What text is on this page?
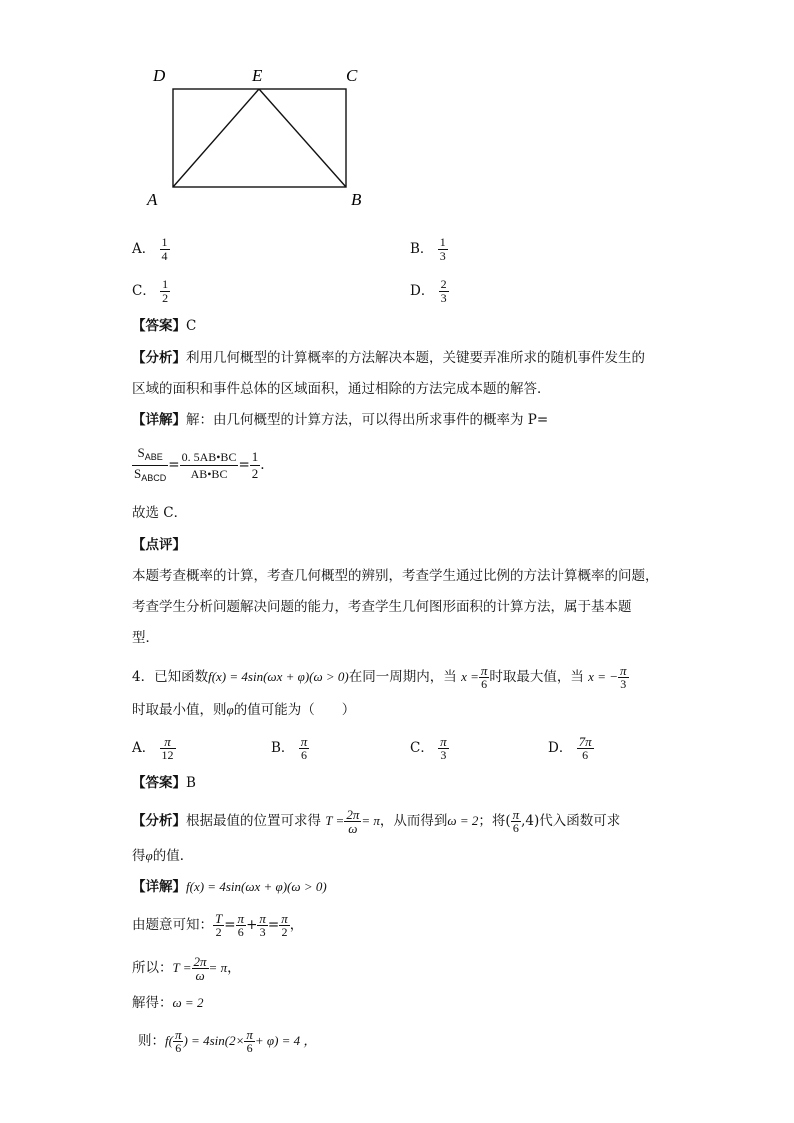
D	E	C
A	B
A． $\frac{1}{4}$	B． $\frac{1}{3}$
C． $\frac{1}{2}$	D． $\frac{2}{3}$
【答案】C
【分析】利用几何概型的计算概率的方法解决本题，关键要弄准所求的随机事件发生的
区域的面积和事件总体的区域面积，通过相除的方法完成本题的解答．
【详解】解：由几何概型的计算方法，可以得出所求事件的概率为 P=
$\frac{S_{ABE}}{S_{ABCD}} = \frac{0. 5AB•BC}{AB•BC} = \frac{1}{2}$ .
故选 C．
【点评】
本题考查概率的计算，考查几何概型的辨别，考查学生通过比例的方法计算概率的问题，
考查学生分析问题解决问题的能力，考查学生几何图形面积的计算方法，属于基本题
型．
4．已知函数f(x) = 4sin(ωx + φ)(ω > 0)在同一周期内，当 $x = \frac{\pi}{6}$ 时取最大值，当 x = − $\frac{\pi}{3}$
时取最小值，则φ的值可能为（　　）
A． $\frac{\pi}{12}$	B． $\frac{\pi}{6}$	C． $\frac{\pi}{3}$	D． $\frac{7\pi}{6}$
【答案】B
【分析】根据最值的位置可求得 $T = \frac{2\pi}{\omega} = \pi$，从而得到ω = 2；将( $\frac{\pi}{6} ,4$)代入函数可求
得φ的值．
【详解】f(x) = 4sin(ωx + φ)(ω > 0)
由题意可知： $\frac{T}{2} = \frac{\pi}{6} + \frac{\pi}{3} = \frac{\pi}{2}$ ，
所以：$T = \frac{2\pi}{\omega} = \pi$，
解得：ω = 2
则：$f( \frac{\pi}{6}$ ) = $4\sin(2\times \frac{\pi}{6} + \varphi) = 4$ ，
